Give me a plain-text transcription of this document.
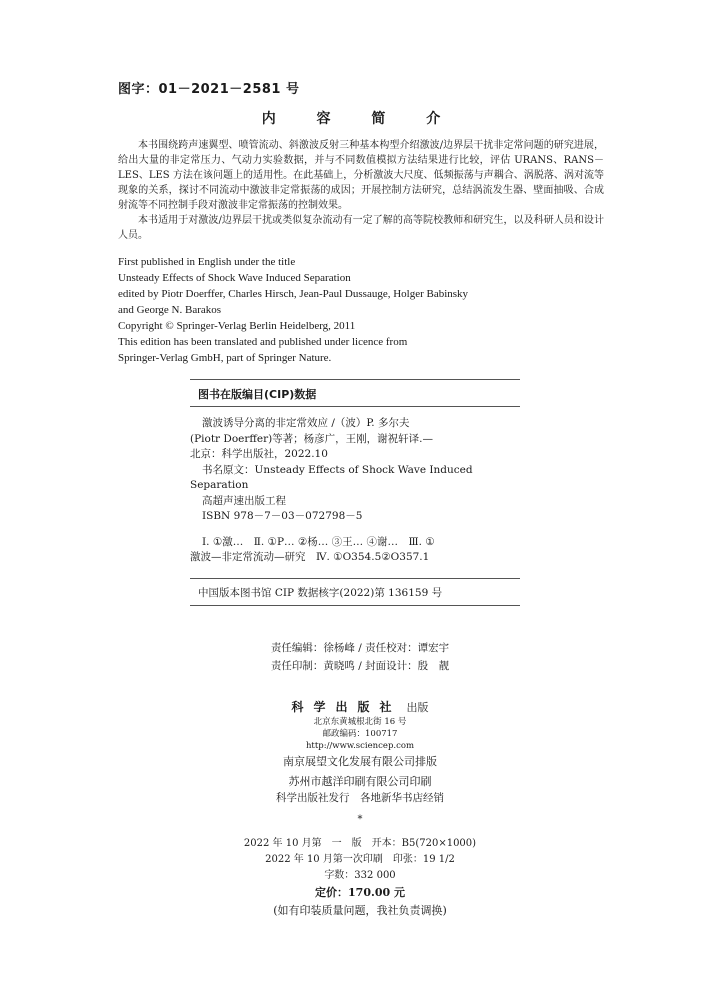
图字：01－2021－2581 号
内 容 简 介

本书围绕跨声速翼型、喷管流动、斜激波反射三种基本构型介绍激波/边界层干扰非定常问题的研究进展，给出大量的非定常压力、气动力实验数据，并与不同数值模拟方法结果进行比较，评估 URANS、RANS－LES、LES 方法在该问题上的适用性。在此基础上，分析激波大尺度、低频振荡与声耦合、涡脱落、涡对流等现象的关系，探讨不同流动中激波非定常振荡的成因；开展控制方法研究，总结涡流发生器、壁面抽吸、合成射流等不同控制手段对激波非定常振荡的控制效果。

本书适用于对激波/边界层干扰或类似复杂流动有一定了解的高等院校教师和研究生，以及科研人员和设计人员。

First published in English under the title
Unsteady Effects of Shock Wave Induced Separation
edited by Piotr Doerffer, Charles Hirsch, Jean-Paul Dussauge, Holger Babinsky
and George N. Barakos
Copyright © Springer-Verlag Berlin Heidelberg, 2011
This edition has been translated and published under licence from
Springer-Verlag GmbH, part of Springer Nature.
图书在版编目(CIP)数据
激波诱导分离的非定常效应 /（波）P. 多尔夫
(Piotr Doerffer)等著；杨彦广，王刚，谢祝轩译.—
北京：科学出版社，2022.10
书名原文：Unsteady Effects of Shock Wave Induced
Separation
高超声速出版工程
ISBN 978－7－03－072798－5
Ⅰ. ①激…　Ⅱ. ①P… ②杨… ③王… ④谢…　Ⅲ. ①
激波—非定常流动—研究　Ⅳ. ①O354.5②O357.1
中国版本图书馆 CIP 数据核字(2022)第 136159 号
责任编辑：徐杨峰 / 责任校对：谭宏宇
责任印制：黄晓鸣 / 封面设计：殷　靓
科学出版社 出版
北京东黄城根北街 16 号
邮政编码：100717
http://www.sciencep.com
南京展望文化发展有限公司排版
苏州市越洋印刷有限公司印刷
科学出版社发行　各地新华书店经销
*
2022 年 10 月第　一　版　开本：B5(720×1000)
2022 年 10 月第一次印刷　印张：19 1/2
字数：332 000
定价：170.00 元
(如有印装质量问题，我社负责调换)
